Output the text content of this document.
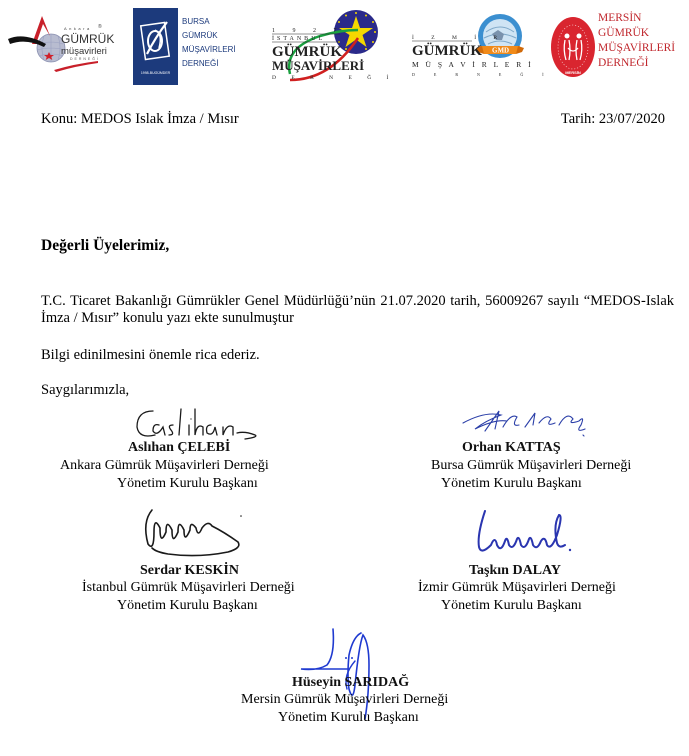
Ankara ®
GÜMRÜK
müşavirleri
DERNEĞİ
1998-BUGÜMDER
BURSA
GÜMRÜK
MÜŞAVİRLERİ
DERNEĞİ
1 9 2 7
İSTANBUL
GÜMRÜK
MÜŞAVİRLERİ
D E R N E Ğ İ
GMD
İ Z M İ R
GÜMRÜK
M Ü Ş A V İ R L E R İ
D E R N E Ğ İ	MERSİN
MERSİN
GÜMRÜK
MÜŞAVİRLERİ
DERNEĞİ
Konu: MEDOS Islak İmza / Mısır	Tarih: 23/07/2020
Değerli Üyelerimiz,
T.C. Ticaret Bakanlığı Gümrükler Genel Müdürlüğü’nün 21.07.2020 tarih, 56009267 sayılı “MEDOS-Islak İmza / Mısır” konulu yazı ekte sunulmuştur
Bilgi edinilmesini önemle rica ederiz.
Saygılarımızla,
Aslıhan ÇELEBİ
Ankara Gümrük Müşavirleri Derneği
Yönetim Kurulu Başkanı
Orhan KATTAŞ
Bursa Gümrük Müşavirleri Derneği
Yönetim Kurulu Başkanı
Serdar KESKİN
İstanbul Gümrük Müşavirleri Derneği
Yönetim Kurulu Başkanı
Taşkın DALAY
İzmir Gümrük Müşavirleri Derneği
Yönetim Kurulu Başkanı
Hüseyin SARIDAĞ
Mersin Gümrük Müşavirleri Derneği
Yönetim Kurulu Başkanı
